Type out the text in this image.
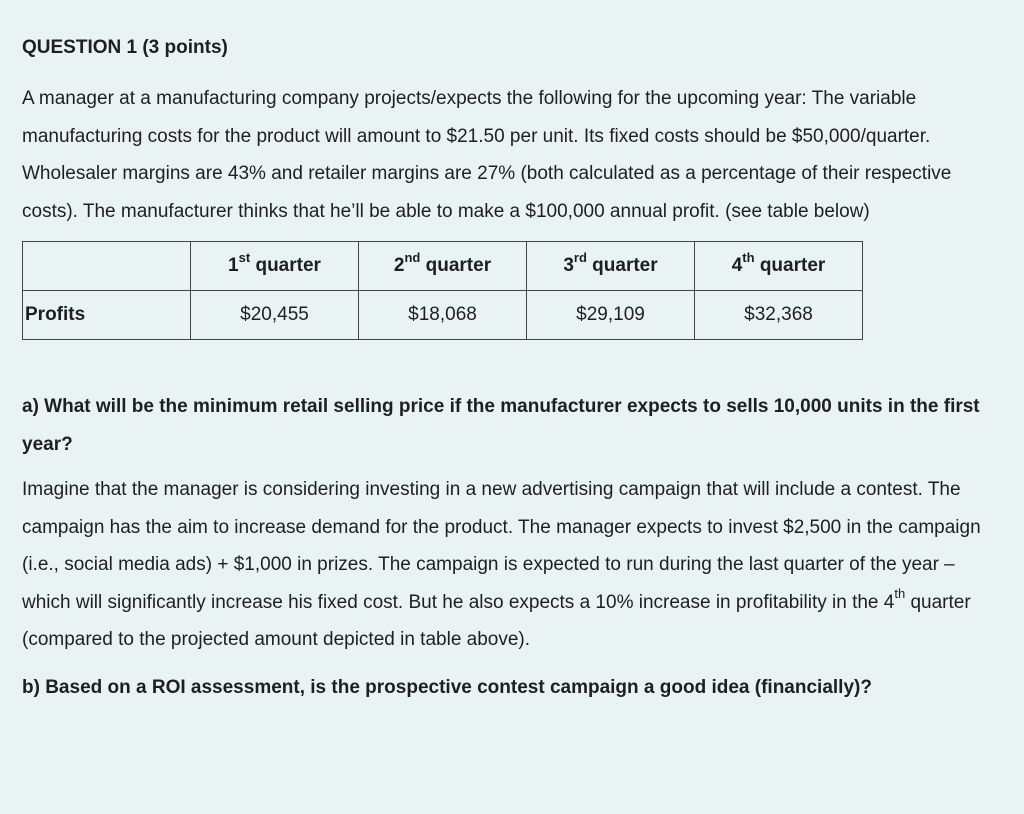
QUESTION 1 (3 points)

A manager at a manufacturing company projects/expects the following for the upcoming year: The variable manufacturing costs for the product will amount to $21.50 per unit. Its fixed costs should be $50,000/quarter. Wholesaler margins are 43% and retailer margins are 27% (both calculated as a percentage of their respective costs). The manufacturer thinks that he’ll be able to make a $100,000 annual profit. (see table below)

	1st quarter	2nd quarter	3rd quarter	4th quarter
Profits	$20,455	$18,068	$29,109	$32,368

a) What will be the minimum retail selling price if the manufacturer expects to sells 10,000 units in the first year?

Imagine that the manager is considering investing in a new advertising campaign that will include a contest. The campaign has the aim to increase demand for the product. The manager expects to invest $2,500 in the campaign (i.e., social media ads) + $1,000 in prizes. The campaign is expected to run during the last quarter of the year – which will significantly increase his fixed cost. But he also expects a 10% increase in profitability in the 4th quarter (compared to the projected amount depicted in table above).

b) Based on a ROI assessment, is the prospective contest campaign a good idea (financially)?
